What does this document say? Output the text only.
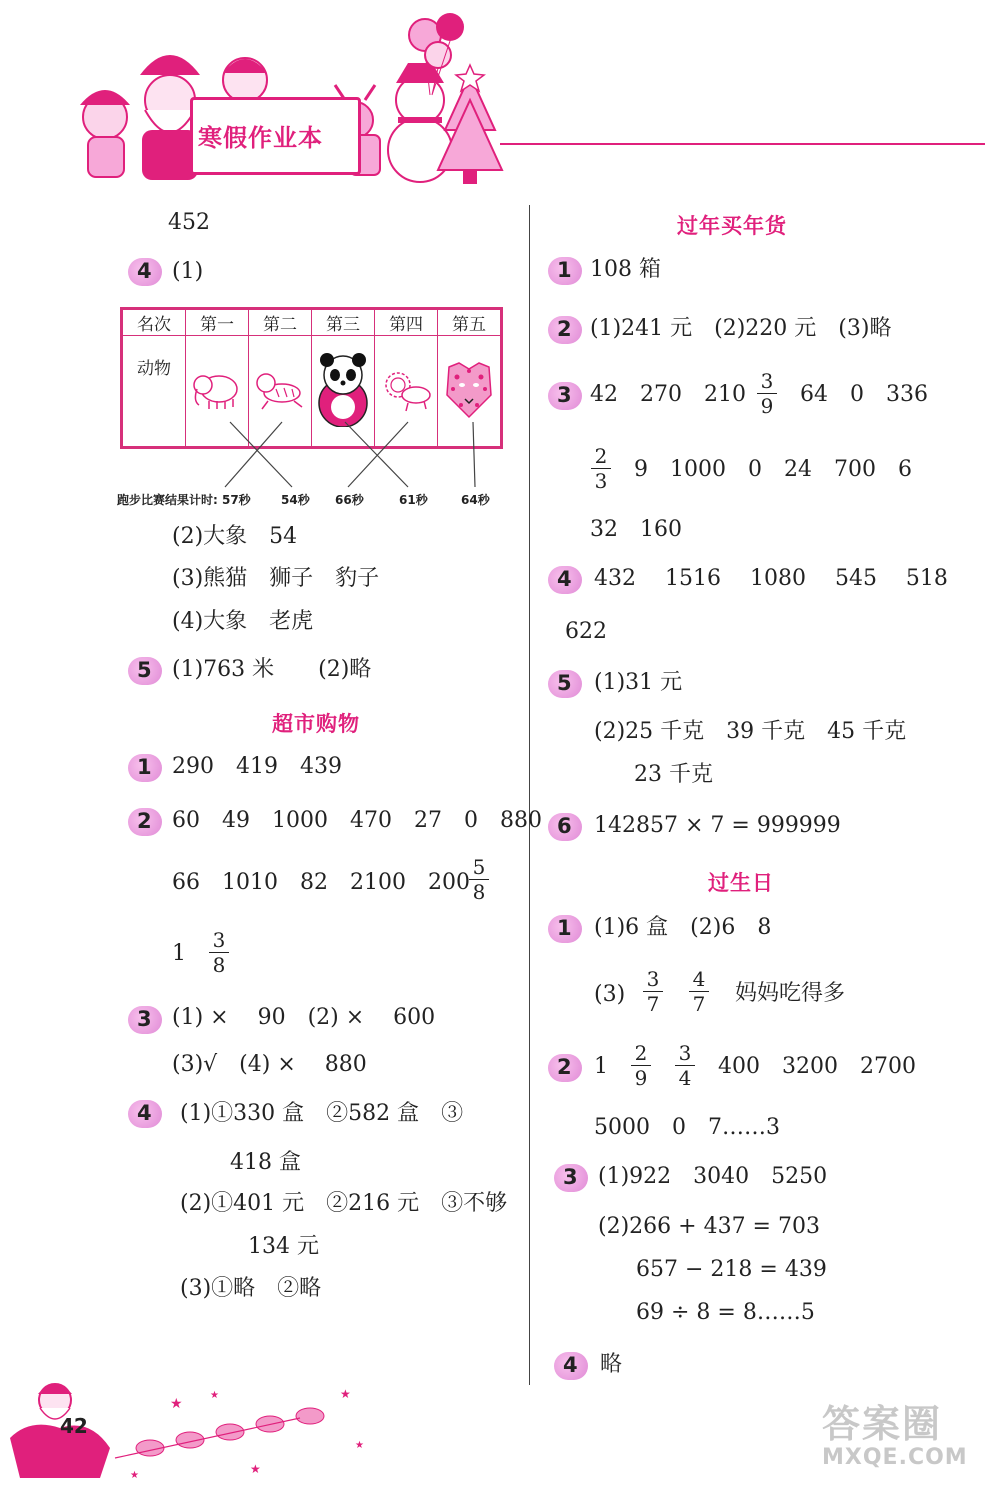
寒假作业本
452
4 (1)
名次	第一	第二	第三	第四	第五
动物					
跑步比赛结果计时: 57秒	54秒 66秒	61秒	64秒
(2)大象　54
(3)熊猫　狮子　豹子
(4)大象　老虎
5 (1)763 米　　(2)略
超市购物
1 290　419　439
2 60　49　1000　470　27　0　880
66　1010　82　2100　200
5
8
1
3
8
3 (1) ×　 90　(2) ×　 600
(3)√　(4) ×　 880
4 (1)①330 盒　②582 盒　③
418 盒
(2)①401 元　②216 元　③不够
134 元
(3)①略　②略
过年买年货
1 108 箱
2 (1)241 元　(2)220 元　(3)略
3 42　270　210
3
9 64　0　336
2
3 9　1000　0　24　700　6
32　160
4 432　 1516　 1080　 545　 518
622
5 (1)31 元
(2)25 千克　39 千克　45 千克
23 千克
6 142857 × 7 = 999999
过生日
1 (1)6 盒　(2)6　8
(3)
3
7
4
7 妈妈吃得多
2 1
2
9
3
4 400　3200　2700
5000　0　7……3
3 (1)922　3040　5250
(2)266 + 437 = 703
657 − 218 = 439
69 ÷ 8 = 8……5
4 略
★
★
★
★
★
★
42	答案圈
MXQE.COM
